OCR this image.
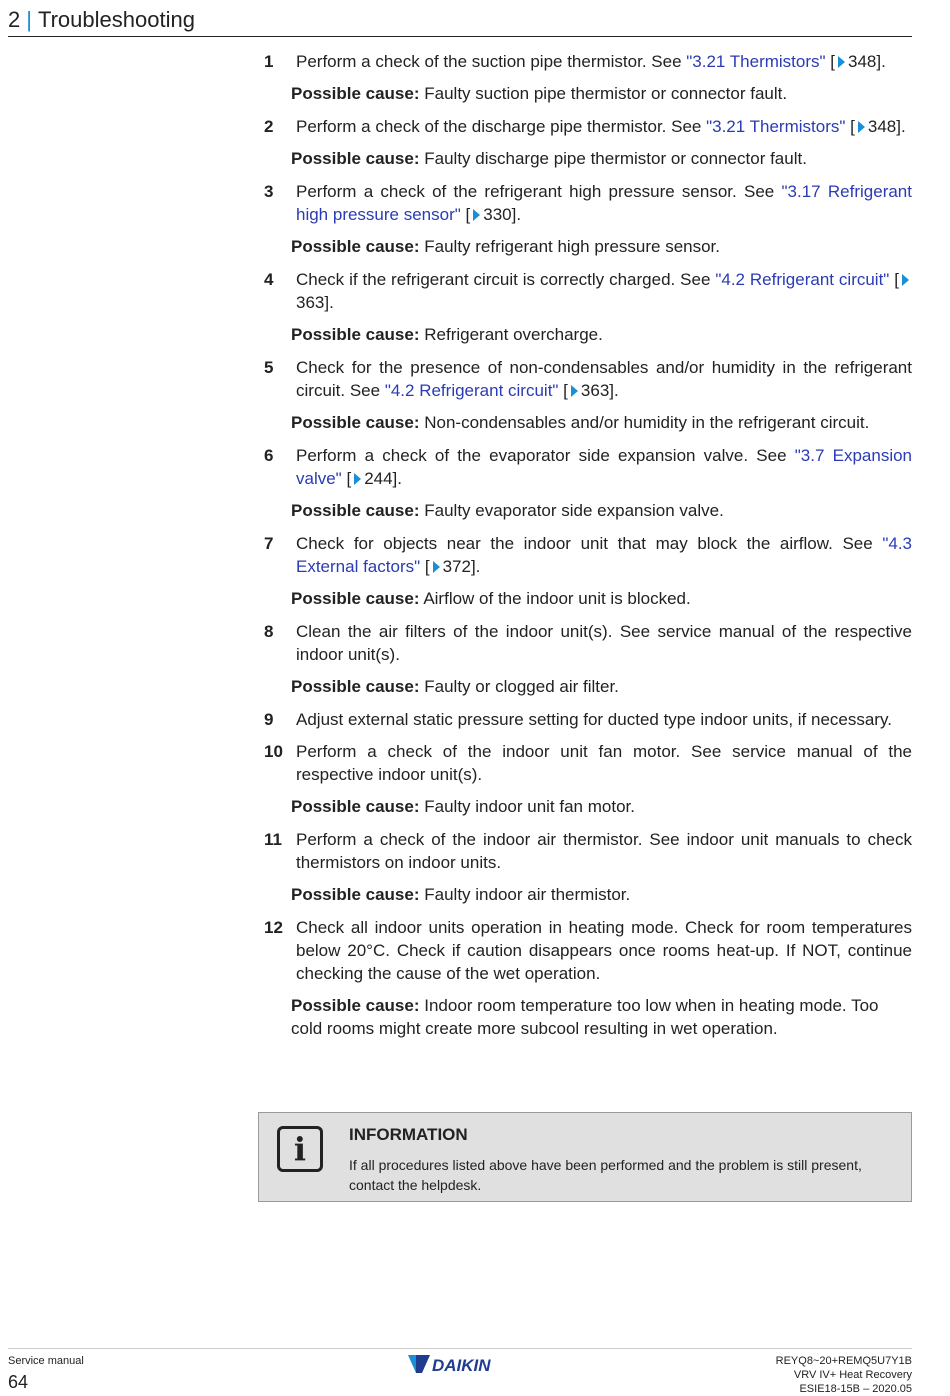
2 | Troubleshooting
1 Perform a check of the suction pipe thermistor. See "3.21 Thermistors" [ 348].
Possible cause: Faulty suction pipe thermistor or connector fault.
2 Perform a check of the discharge pipe thermistor. See "3.21 Thermistors" [ 348].
Possible cause: Faulty discharge pipe thermistor or connector fault.
3 Perform a check of the refrigerant high pressure sensor. See "3.17 Refrigerant high pressure sensor" [ 330].
Possible cause: Faulty refrigerant high pressure sensor.
4 Check if the refrigerant circuit is correctly charged. See "4.2 Refrigerant circuit" [363].
Possible cause: Refrigerant overcharge.
5 Check for the presence of non-condensables and/or humidity in the refrigerant circuit. See "4.2 Refrigerant circuit" [ 363].
Possible cause: Non-condensables and/or humidity in the refrigerant circuit.
6 Perform a check of the evaporator side expansion valve. See "3.7 Expansion valve" [ 244].
Possible cause: Faulty evaporator side expansion valve.
7 Check for objects near the indoor unit that may block the airflow. See "4.3 External factors" [ 372].
Possible cause: Airflow of the indoor unit is blocked.
8 Clean the air filters of the indoor unit(s). See service manual of the respective indoor unit(s).
Possible cause: Faulty or clogged air filter.
9 Adjust external static pressure setting for ducted type indoor units, if necessary.
10 Perform a check of the indoor unit fan motor. See service manual of the respective indoor unit(s).
Possible cause: Faulty indoor unit fan motor.
11 Perform a check of the indoor air thermistor. See indoor unit manuals to check thermistors on indoor units.
Possible cause: Faulty indoor air thermistor.
12 Check all indoor units operation in heating mode. Check for room temperatures below 20°C. Check if caution disappears once rooms heat-up. If NOT, continue checking the cause of the wet operation.
Possible cause: Indoor room temperature too low when in heating mode. Too cold rooms might create more subcool resulting in wet operation.
i	INFORMATION
If all procedures listed above have been performed and the problem is still present, contact the helpdesk.
Service manual
64
DAIKIN	REYQ8~20+REMQ5U7Y1B
VRV IV+ Heat Recovery
ESIE18-15B – 2020.05
